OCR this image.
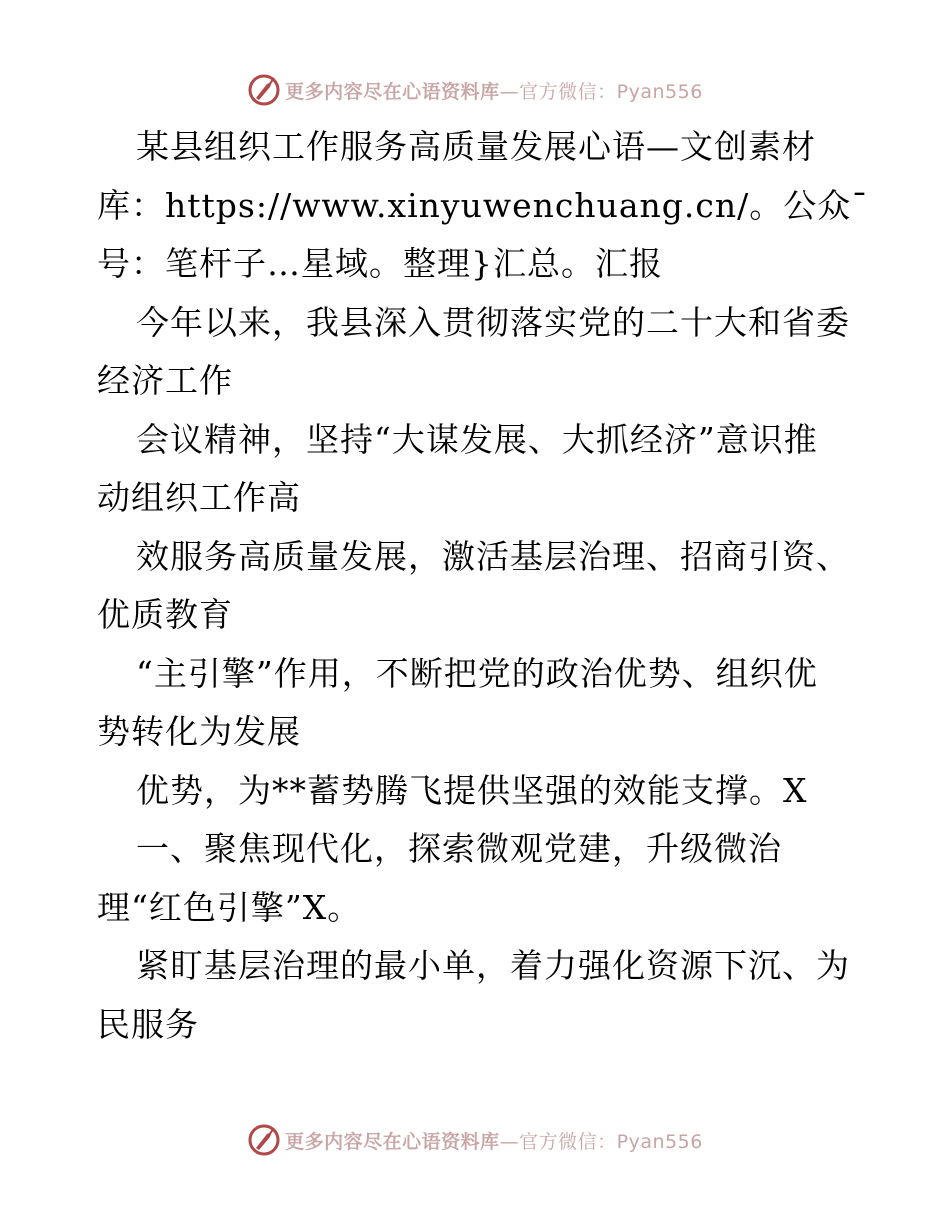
更多内容尽在心语资料库—官方微信：Pyan556
某县组织工作服务高质量发展心语—文创素材
库：https://www.xinyuwenchuang.cn/。公众¯
号：笔杆子…星域。整理}汇总。汇报
今年以来，我县深入贯彻落实党的二十大和省委
经济工作
会议精神，坚持“大谋发展、大抓经济”意识推
动组织工作高
效服务高质量发展，激活基层治理、招商引资、
优质教育
“主引擎”作用，不断把党的政治优势、组织优
势转化为发展
优势，为**蓄势腾飞提供坚强的效能支撑。X
一、聚焦现代化，探索微观党建，升级微治
理“红色引擎”X。
紧盯基层治理的最小单，着力强化资源下沉、为
民服务
更多内容尽在心语资料库—官方微信：Pyan556
